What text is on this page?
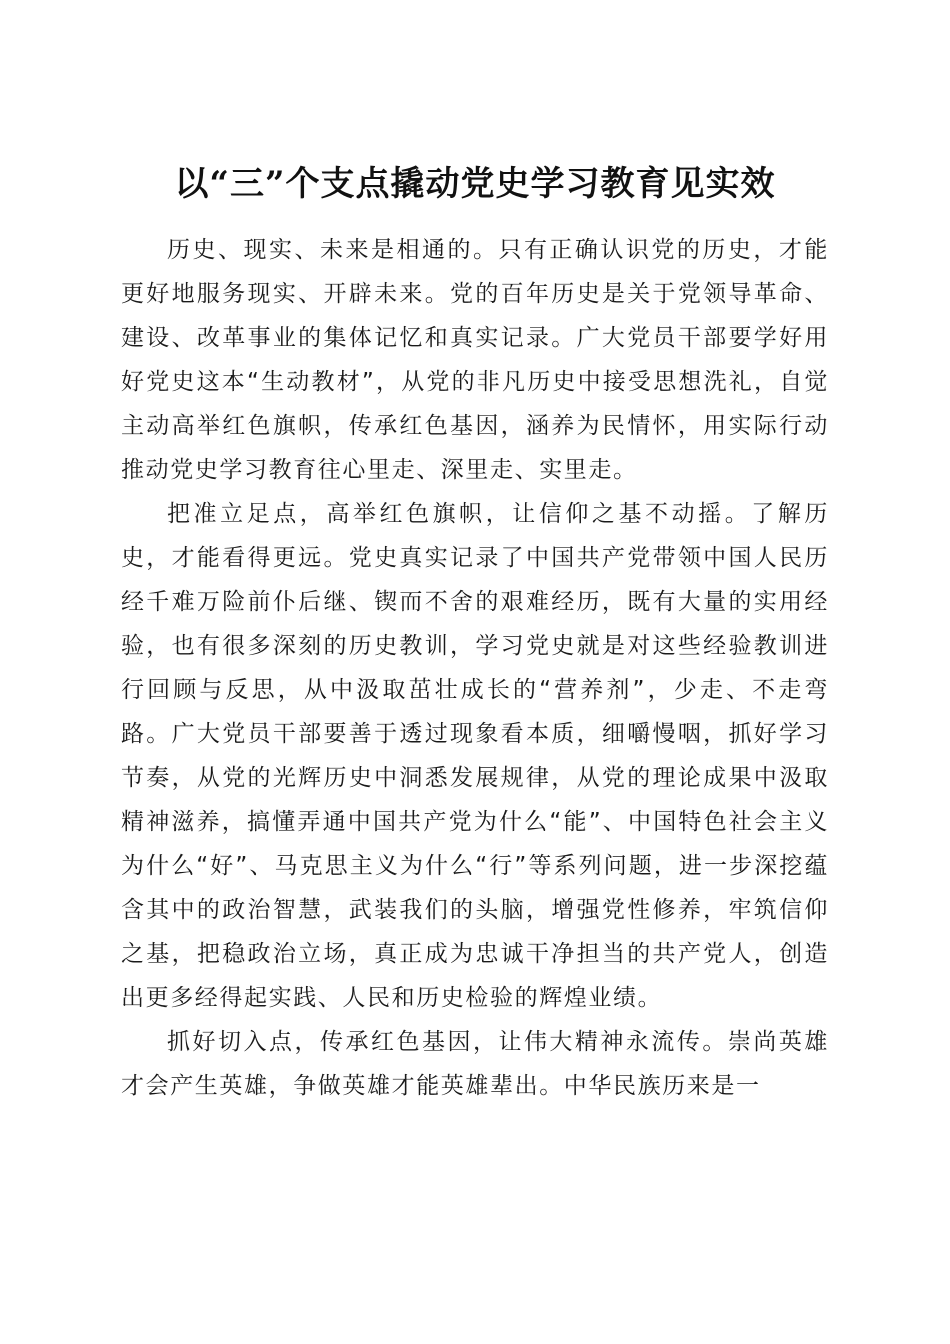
以“三”个支点撬动党史学习教育见实效

历史、现实、未来是相通的。只有正确认识党的历史，才能更好地服务现实、开辟未来。党的百年历史是关于党领导革命、建设、改革事业的集体记忆和真实记录。广大党员干部要学好用好党史这本“生动教材”，从党的非凡历史中接受思想洗礼，自觉主动高举红色旗帜，传承红色基因，涵养为民情怀，用实际行动推动党史学习教育往心里走、深里走、实里走。

把准立足点，高举红色旗帜，让信仰之基不动摇。了解历史，才能看得更远。党史真实记录了中国共产党带领中国人民历经千难万险前仆后继、锲而不舍的艰难经历，既有大量的实用经验，也有很多深刻的历史教训，学习党史就是对这些经验教训进行回顾与反思，从中汲取茁壮成长的“营养剂”，少走、不走弯路。广大党员干部要善于透过现象看本质，细嚼慢咽，抓好学习节奏，从党的光辉历史中洞悉发展规律，从党的理论成果中汲取精神滋养，搞懂弄通中国共产党为什么“能”、中国特色社会主义为什么“好”、马克思主义为什么“行”等系列问题，进一步深挖蕴含其中的政治智慧，武装我们的头脑，增强党性修养，牢筑信仰之基，把稳政治立场，真正成为忠诚干净担当的共产党人，创造出更多经得起实践、人民和历史检验的辉煌业绩。

抓好切入点，传承红色基因，让伟大精神永流传。崇尚英雄才会产生英雄，争做英雄才能英雄辈出。中华民族历来是一
